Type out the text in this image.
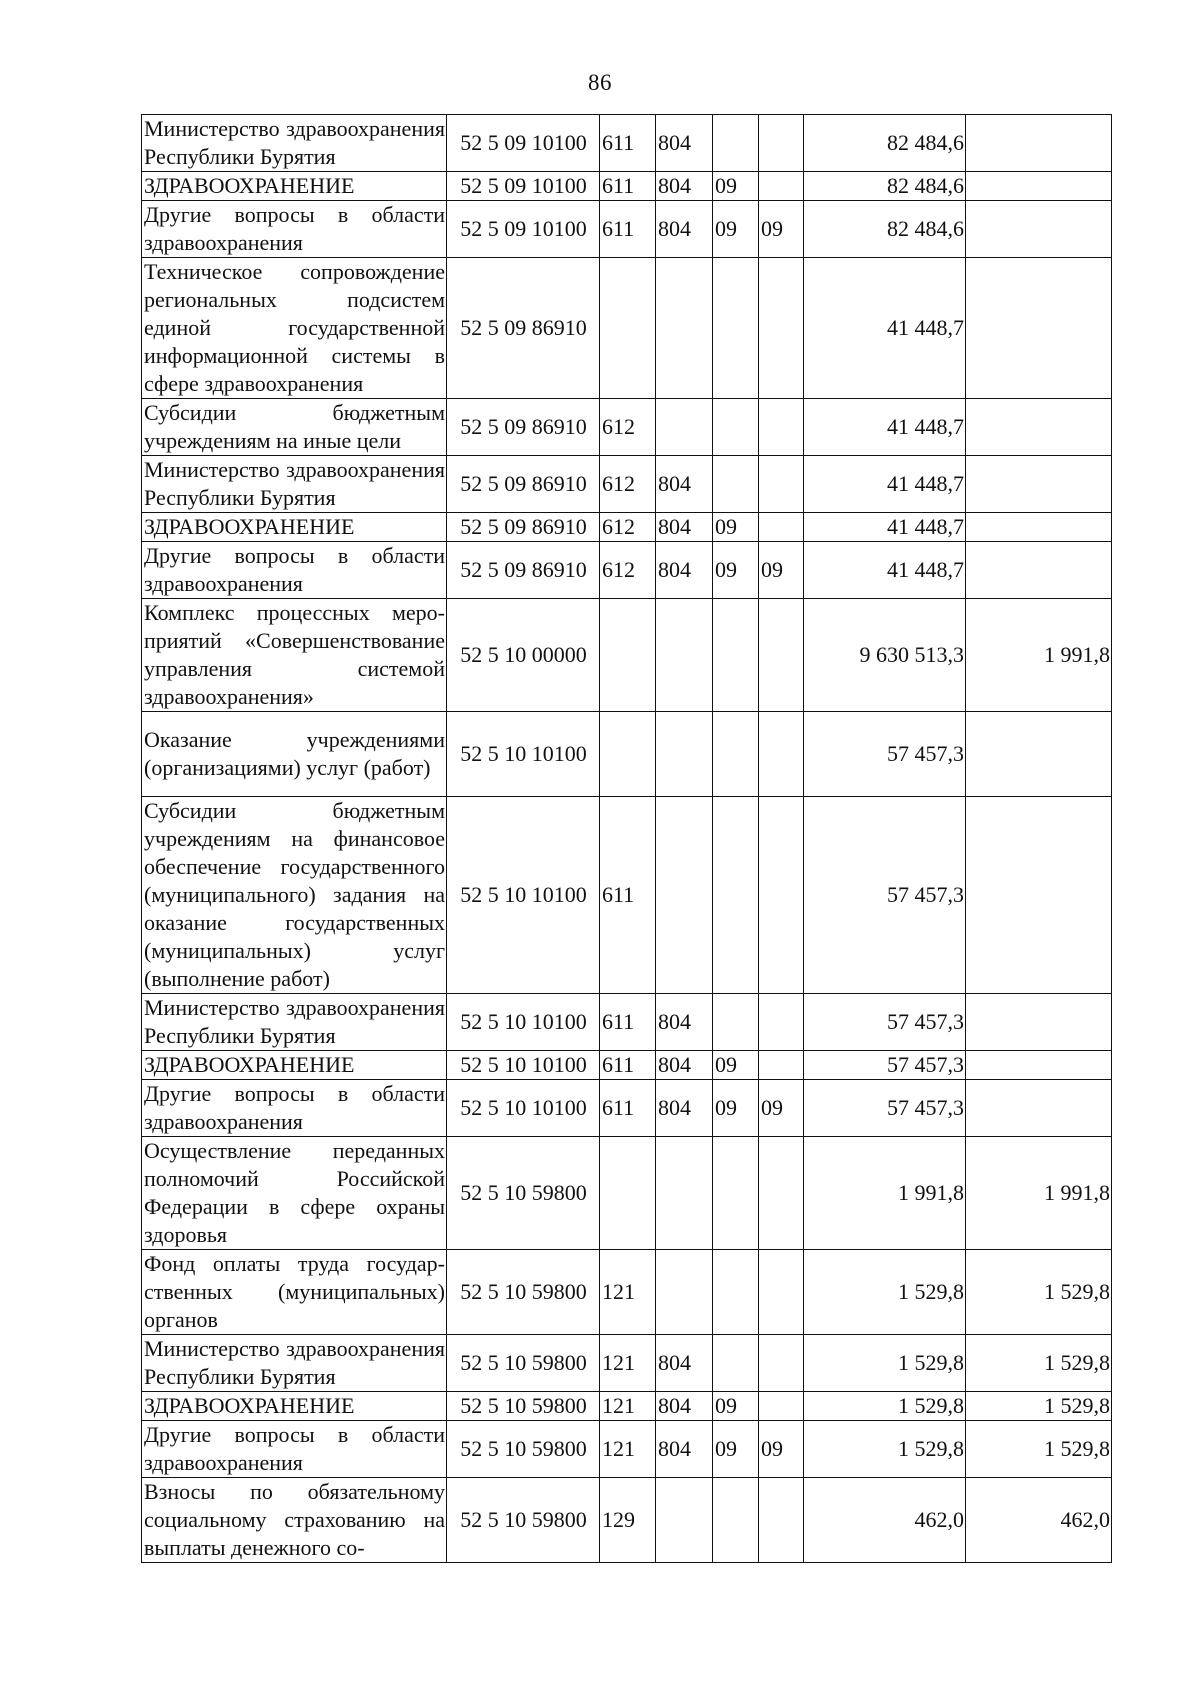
86
Министерство здравоохранения Республики Бурятия	52 5 09 10100	611	804			82 484,6	
ЗДРАВООХРАНЕНИЕ	52 5 09 10100	611	804	09		82 484,6	
Другие вопросы в области здравоохранения	52 5 09 10100	611	804	09	09	82 484,6	
Техническое сопровождение региональных подсистем единой государственной информационной системы в сфере здравоохранения	52 5 09 86910					41 448,7	
Субсидии бюджетным учреждениям на иные цели	52 5 09 86910	612				41 448,7	
Министерство здравоохранения Республики Бурятия	52 5 09 86910	612	804			41 448,7	
ЗДРАВООХРАНЕНИЕ	52 5 09 86910	612	804	09		41 448,7	
Другие вопросы в области здравоохранения	52 5 09 86910	612	804	09	09	41 448,7	
Комплекс процессных мероприятий «Совершенствование управления системой здравоохранения»	52 5 10 00000					9 630 513,3	1 991,8
Оказание учреждениями (организациями) услуг (работ)	52 5 10 10100					57 457,3	
Субсидии бюджетным учреждениям на финансовое обеспечение государственного (муниципального) задания на оказание государственных (муниципальных) услуг (выполнение работ)	52 5 10 10100	611				57 457,3	
Министерство здравоохранения Республики Бурятия	52 5 10 10100	611	804			57 457,3	
ЗДРАВООХРАНЕНИЕ	52 5 10 10100	611	804	09		57 457,3	
Другие вопросы в области здравоохранения	52 5 10 10100	611	804	09	09	57 457,3	
Осуществление переданных полномочий Российской Федерации в сфере охраны здоровья	52 5 10 59800					1 991,8	1 991,8
Фонд оплаты труда государственных (муниципальных) органов	52 5 10 59800	121				1 529,8	1 529,8
Министерство здравоохранения Республики Бурятия	52 5 10 59800	121	804			1 529,8	1 529,8
ЗДРАВООХРАНЕНИЕ	52 5 10 59800	121	804	09		1 529,8	1 529,8
Другие вопросы в области здравоохранения	52 5 10 59800	121	804	09	09	1 529,8	1 529,8
Взносы по обязательному социальному страхованию на выплаты денежного со-	52 5 10 59800	129				462,0	462,0
